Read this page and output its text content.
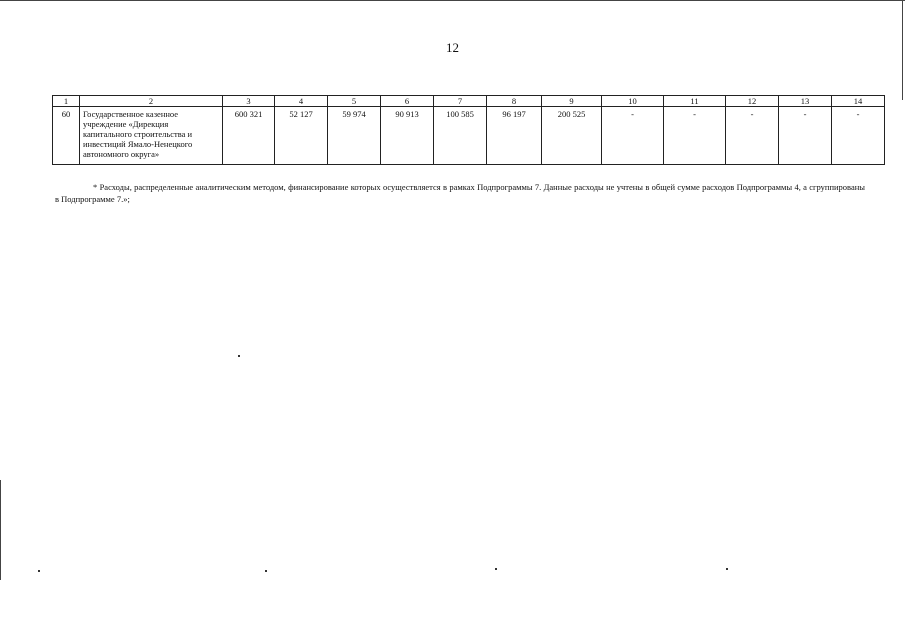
12
1	2	3	4	5	6	7	8	9	10	11	12	13	14
60	Государственное казенное учреждение «Дирекция капитального строительства и инвестиций Ямало-Ненецкого автономного округа»	600 321	52 127	59 974	90 913	100 585	96 197	200 525	-	-	-	-	-
* Расходы, распределенные аналитическим методом, финансирование которых осуществляется в рамках Подпрограммы 7. Данные расходы не учтены в общей сумме расходов Подпрограммы 4, а сгруппированы в Подпрограмме 7.»;
